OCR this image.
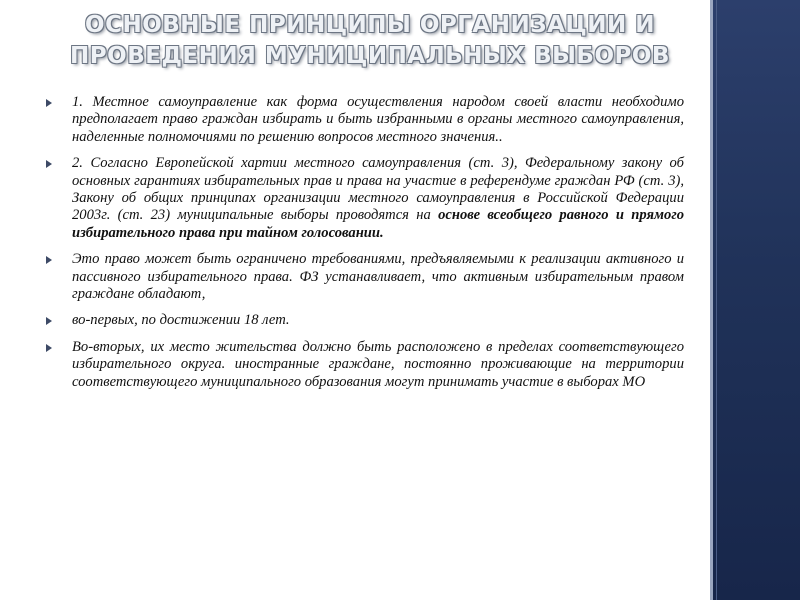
ОСНОВНЫЕ ПРИНЦИПЫ ОРГАНИЗАЦИИ И ПРОВЕДЕНИЯ МУНИЦИПАЛЬНЫХ ВЫБОРОВ
1. Местное самоуправление как форма осуществления народом своей власти необходимо предполагает право граждан избирать и быть избранными в органы местного самоуправления, наделенные полномочиями по решению вопросов местного значения..
2. Согласно Европейской хартии местного самоуправления (ст. 3), Федеральному закону об основных гарантиях избирательных прав и права на участие в референдуме граждан РФ (ст. 3), Закону об общих принципах организации местного самоуправления в Российской Федерации 2003г. (ст. 23) муниципальные выборы проводятся на основе всеобщего равного и прямого избирательного права при тайном голосовании.
Это право может быть ограничено требованиями, предъявляемыми к реализации активного и пассивного избирательного права. ФЗ устанавливает, что активным избирательным правом граждане обладают,
во-первых, по достижении 18 лет.
Во-вторых, их место жительства должно быть расположено в пределах соответствующего избирательного округа. иностранные граждане, постоянно проживающие на территории соответствующего муниципального образования могут принимать участие в выборах МО
